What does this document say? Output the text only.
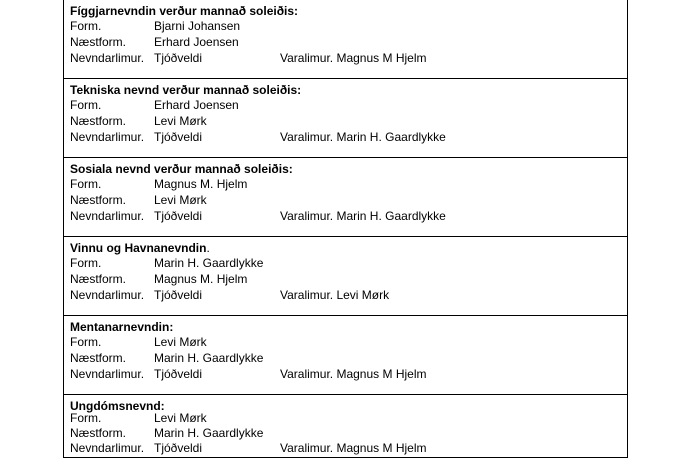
Fíggjarnevndin verður mannað soleiðis:
Form.	Bjarni Johansen
Næstform. Erhard Joensen
Nevndarlimur. Tjóðveldi	Varalimur. Magnus M Hjelm
Tekniska nevnd verður mannað soleiðis:
Form.	Erhard Joensen
Næstform. Levi Mørk
Nevndarlimur. Tjóðveldi	Varalimur. Marin H. Gaardlykke
Sosiala nevnd verður mannað soleiðis:
Form.	Magnus M. Hjelm
Næstform. Levi Mørk
Nevndarlimur. Tjóðveldi	Varalimur. Marin H. Gaardlykke
Vinnu og Havnanevndin.
Form.	Marin H. Gaardlykke
Næstform. Magnus M. Hjelm
Nevndarlimur. Tjóðveldi	Varalimur. Levi Mørk
Mentanarnevndin:
Form.	Levi Mørk
Næstform. Marin H. Gaardlykke
Nevndarlimur. Tjóðveldi	Varalimur. Magnus M Hjelm
Ungdómsnevnd:
Form.	Levi Mørk
Næstform. Marin H. Gaardlykke
Nevndarlimur. Tjóðveldi	Varalimur. Magnus M Hjelm
